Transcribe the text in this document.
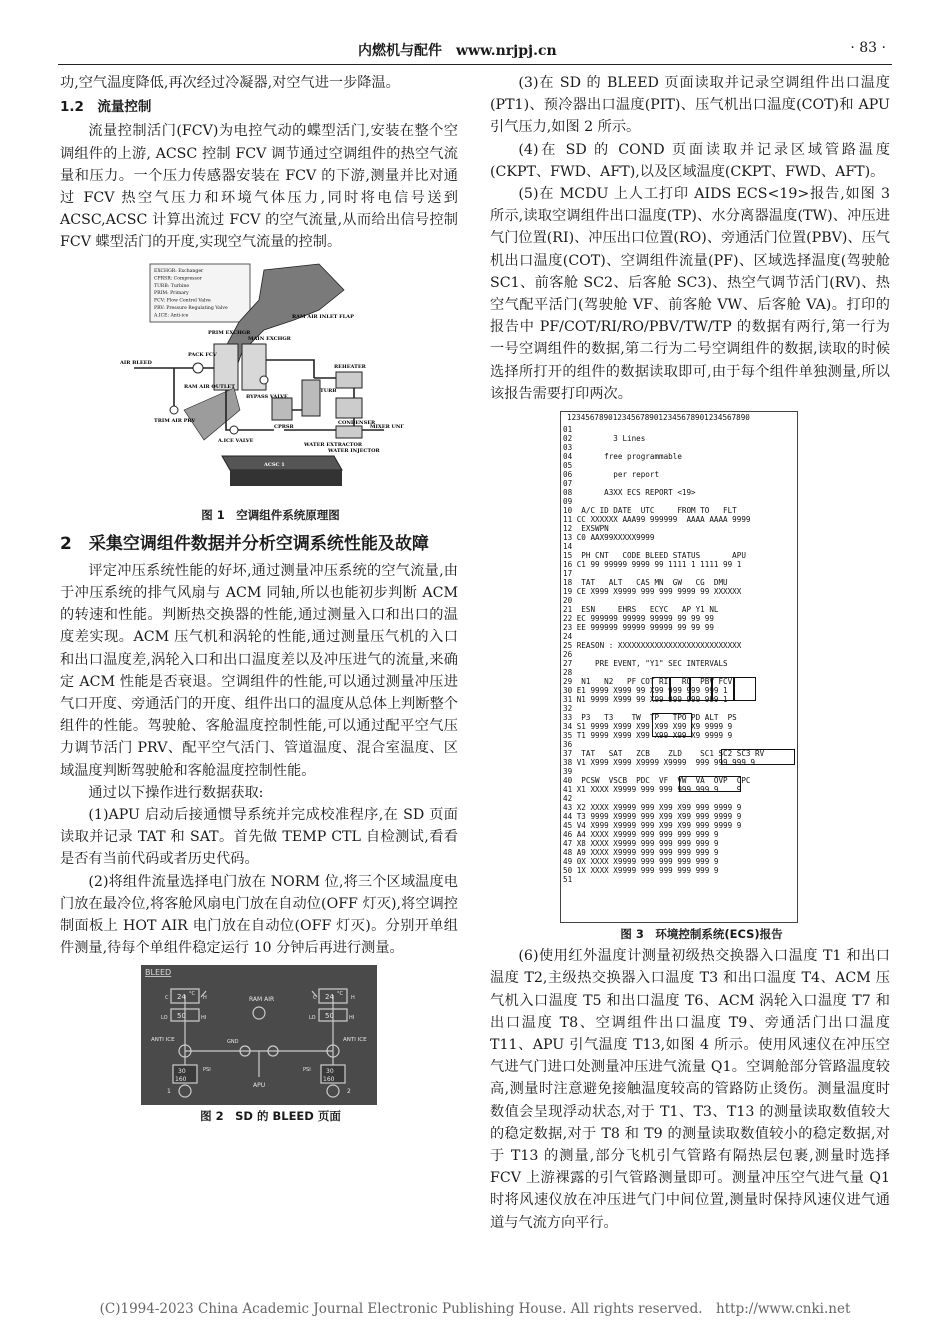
内燃机与配件　www.nrjpj.cn	· 83 ·

功,空气温度降低,再次经过冷凝器,对空气进一步降温。

1.2　流量控制

流量控制活门(FCV)为电控气动的蝶型活门,安装在整个空调组件的上游, ACSC 控制 FCV 调节通过空调组件的热空气流量和压力。一个压力传感器安装在 FCV 的下游,测量并比对通过 FCV 热空气压力和环境气体压力,同时将电信号送到 ACSC,ACSC 计算出流过 FCV 的空气流量,从而给出信号控制 FCV 蝶型活门的开度,实现空气流量的控制。

EXCHGR: Exchanger
CPRSR: Compressor
TURB: Turbine
PRIM: Primary
FCV: Flow Control Valve
PRV: Pressure Regulating Valve
A.ICE: Anti-ice	RAM AIR INLET FLAP
MAIN EXCHGR
PRIM EXCHGR
PACK FCV
AIR BLEED
REHEATER
RAM AIR OUTLET
TURB
CPRSR
BYPASS VALVE
CONDENSER
WATER EXTRACTOR
TRIM AIR PRV
A.ICE VALVE
WATER INJECTOR
MIXER UNIT
ACSC 1

图 1　空调组件系统原理图

2　采集空调组件数据并分析空调系统性能及故障

评定冲压系统性能的好坏,通过测量冲压系统的空气流量,由于冲压系统的排气风扇与 ACM 同轴,所以也能初步判断 ACM 的转速和性能。判断热交换器的性能,通过测量入口和出口的温度差实现。ACM 压气机和涡轮的性能,通过测量压气机的入口和出口温度差,涡轮入口和出口温度差以及冲压进气的流量,来确定 ACM 性能是否衰退。空调组件的性能,可以通过测量冲压进气口开度、旁通活门的开度、组件出口的温度从总体上判断整个组件的性能。驾驶舱、客舱温度控制性能,可以通过配平空气压力调节活门 PRV、配平空气活门、管道温度、混合室温度、区域温度判断驾驶舱和客舱温度控制性能。

通过以下操作进行数据获取:

(1)APU 启动后接通惯导系统并完成校准程序,在 SD 页面读取并记录 TAT 和 SAT。首先做 TEMP CTL 自检测试,看看是否有当前代码或者历史代码。

(2)将组件流量选择电门放在 NORM 位,将三个区域温度电门放在最冷位,将客舱风扇电门放在自动位(OFF 灯灭),将空调控制面板上 HOT AIR 电门放在自动位(OFF 灯灭)。分别开单组件测量,待每个单组件稳定运行 10 分钟后再进行测量。

BLEED
24 °C
50
24 °C
50
C	H	C	H
LO	HI	LO	HI
RAM AIR
ANTI ICE	ANTI ICE
GND
APU
PSI	PSI
30
160
30
160
1	2

图 2　SD 的 BLEED 页面

(3)在 SD 的 BLEED 页面读取并记录空调组件出口温度(PT1)、预冷器出口温度(PIT)、压气机出口温度(COT)和 APU 引气压力,如图 2 所示。

(4)在 SD 的 COND 页面读取并记录区域管路温度(CKPT、FWD、AFT),以及区域温度(CKPT、FWD、AFT)。

(5)在 MCDU 上人工打印 AIDS ECS<19>报告,如图 3 所示,读取空调组件出口温度(TP)、水分离器温度(TW)、冲压进气门位置(RI)、冲压出口位置(RO)、旁通活门位置(PBV)、压气机出口温度(COT)、空调组件流量(PF)、区域选择温度(驾驶舱 SC1、前客舱 SC2、后客舱 SC3)、热空气调节活门(RV)、热空气配平活门(驾驶舱 VF、前客舱 VW、后客舱 VA)。打印的报告中 PF/COT/RI/RO/PBV/TW/TP 的数据有两行,第一行为一号空调组件的数据,第二行为二号空调组件的数据,读取的时候选择所打开的组件的数据读取即可,由于每个组件单独测量,所以该报告需要打印两次。

1234567890123456789012345678901234567890
01
02         3 Lines
03
04       free programmable
05
06         per report
07
08       A3XX ECS REPORT <19>
09
10  A/C ID DATE  UTC     FROM TO   FLT
11 CC XXXXXX AAA99 999999  AAAA AAAA 9999
12  EXSWPN
13 C0 AAX99XXXXX9999
14
15  PH CNT   CODE BLEED STATUS       APU
16 C1 99 99999 9999 99 1111 1 1111 99 1
17
18  TAT   ALT   CAS MN  GW   CG  DMU
19 CE X999 X9999 999 999 9999 99 XXXXXX
20
21  ESN     EHRS   ECYC   AP Y1 NL
22 EC 999999 99999 99999 99 99 99
23 EE 999999 99999 99999 99 99 99
24
25 REASON : XXXXXXXXXXXXXXXXXXXXXXXXXXX
26
27     PRE EVENT, "Y1" SEC INTERVALS
28
29  N1   N2   PF COT RI   RO  PBV FCV
30 E1 9999 X999 99 X99 999 999 999 1
31 N1 9999 X999 99 X99 999 999 999 1
32
33  P3   T3    TW  TP   TPO PD ALT  PS
34 S1 9999 X999 X99 X99 X99 X9 9999 9
35 T1 9999 X999 X99 X99 X99 X9 9999 9
36
37  TAT   SAT   ZCB    ZLD    SC1 SC2 SC3 RV
38 V1 X999 X999 X9999 X9999  999 999 999 9
39
40  PCSW  VSCB  PDC  VF  VW  VA  OVP  CPC
41 X1 XXXX X9999 999 999 999 999 9    9
42
43 X2 XXXX X9999 999 X99 X99 999 9999 9
44 T3 9999 X9999 999 X99 X99 999 9999 9
45 V4 X999 X9999 999 X99 X99 999 9999 9
46 A4 XXXX X9999 999 999 999 999 9
47 X8 XXXX X9999 999 999 999 999 9
48 A9 XXXX X9999 999 999 999 999 9
49 0X XXXX X9999 999 999 999 999 9
50 1X XXXX X9999 999 999 999 999 9
51

图 3　环境控制系统(ECS)报告

(6)使用红外温度计测量初级热交换器入口温度 T1 和出口温度 T2,主级热交换器入口温度 T3 和出口温度 T4、ACM 压气机入口温度 T5 和出口温度 T6、ACM 涡轮入口温度 T7 和出口温度 T8、空调组件出口温度 T9、旁通活门出口温度 T11、APU 引气温度 T13,如图 4 所示。使用风速仪在冲压空气进气门进口处测量冲压进气流量 Q1。空调舱部分管路温度较高,测量时注意避免接触温度较高的管路防止烫伤。测量温度时数值会呈现浮动状态,对于 T1、T3、T13 的测量读取数值较大的稳定数据,对于 T8 和 T9 的测量读取数值较小的稳定数据,对于 T13 的测量,部分飞机引气管路有隔热层包裹,测量时选择 FCV 上游裸露的引气管路测量即可。测量冲压空气进气量 Q1 时将风速仪放在冲压进气门中间位置,测量时保持风速仪进气通道与气流方向平行。

(C)1994-2023 China Academic Journal Electronic Publishing House. All rights reserved.　http://www.cnki.net
